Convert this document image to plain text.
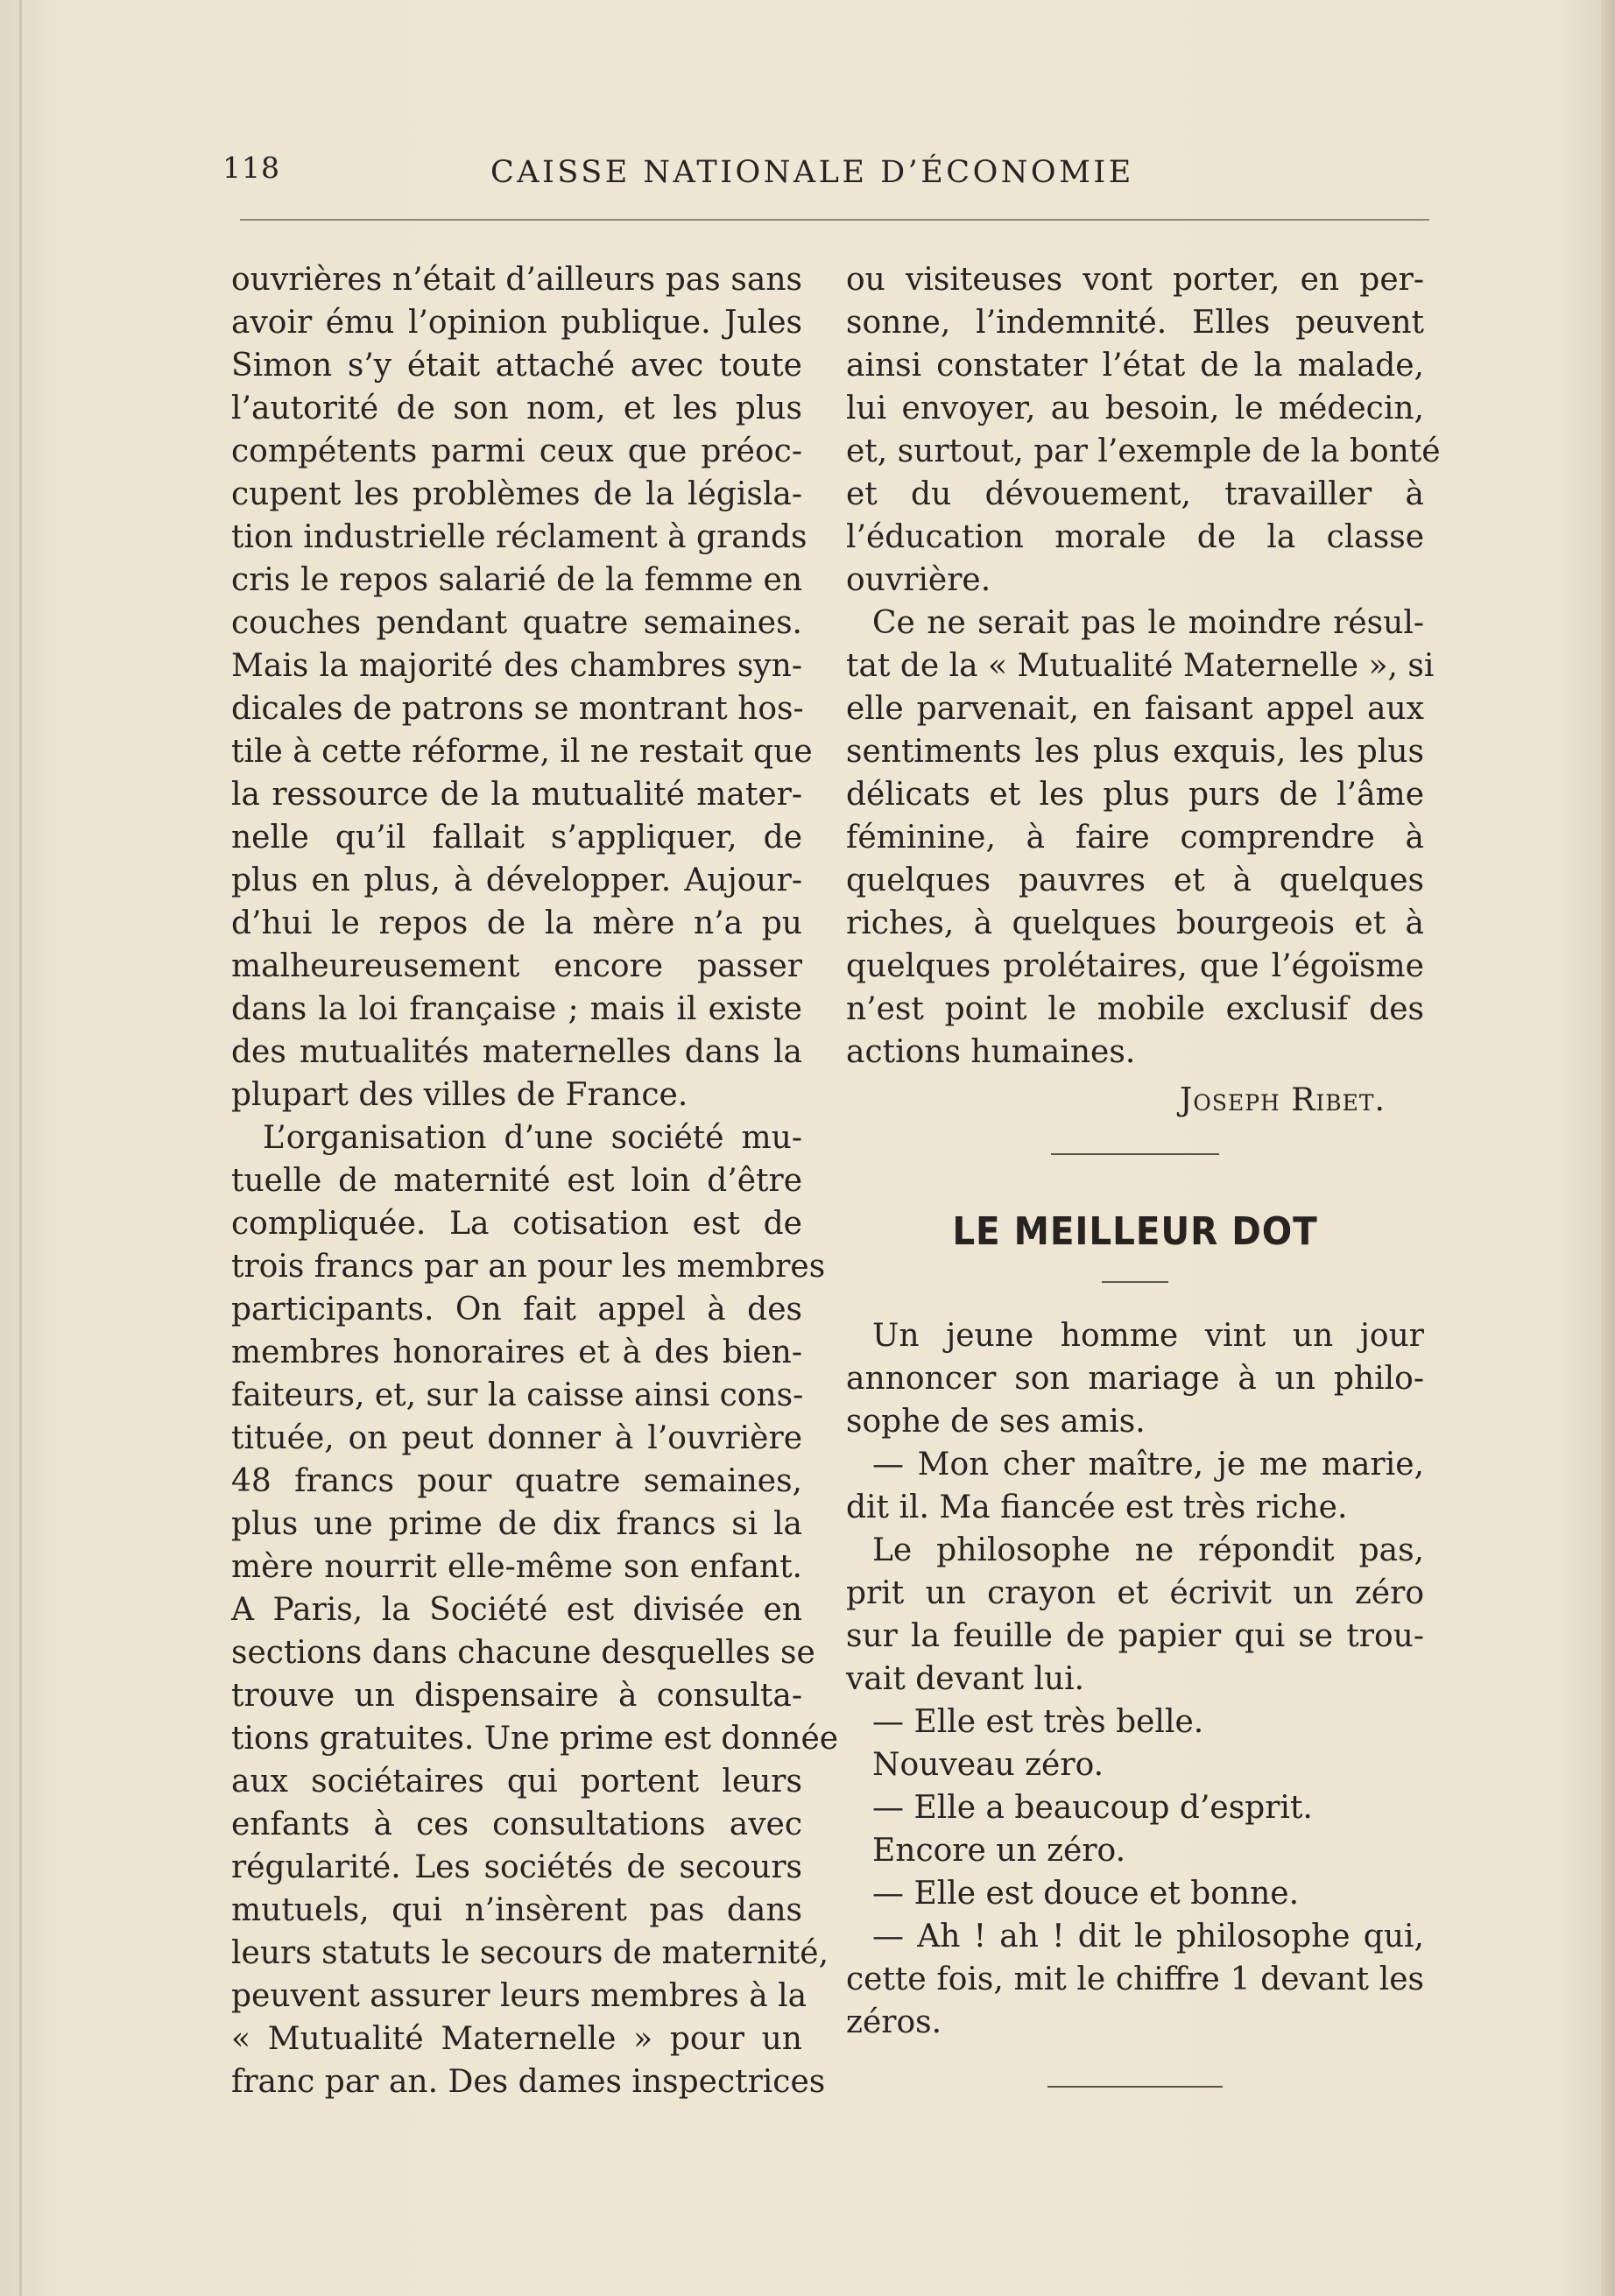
118	CAISSE NATIONALE D’ÉCONOMIE
ouvrières n’était d’ailleurs pas sans
avoir ému l’opinion publique. Jules
Simon s’y était attaché avec toute
l’autorité de son nom, et les plus
compétents parmi ceux que préoc-
cupent les problèmes de la législa-
tion industrielle réclament à grands
cris le repos salarié de la femme en
couches pendant quatre semaines.
Mais la majorité des chambres syn-
dicales de patrons se montrant hos-
tile à cette réforme, il ne restait que
la ressource de la mutualité mater-
nelle qu’il fallait s’appliquer, de
plus en plus, à développer. Aujour-
d’hui le repos de la mère n’a pu
malheureusement encore passer
dans la loi française ; mais il existe
des mutualités maternelles dans la
plupart des villes de France.
L’organisation d’une société mu-
tuelle de maternité est loin d’être
compliquée. La cotisation est de
trois francs par an pour les membres
participants. On fait appel à des
membres honoraires et à des bien-
faiteurs, et, sur la caisse ainsi cons-
tituée, on peut donner à l’ouvrière
48 francs pour quatre semaines,
plus une prime de dix francs si la
mère nourrit elle-même son enfant.
A Paris, la Société est divisée en
sections dans chacune desquelles se
trouve un dispensaire à consulta-
tions gratuites. Une prime est donnée
aux sociétaires qui portent leurs
enfants à ces consultations avec
régularité. Les sociétés de secours
mutuels, qui n’insèrent pas dans
leurs statuts le secours de maternité,
peuvent assurer leurs membres à la
« Mutualité Maternelle » pour un
franc par an. Des dames inspectrices
ou visiteuses vont porter, en per-
sonne, l’indemnité. Elles peuvent
ainsi constater l’état de la malade,
lui envoyer, au besoin, le médecin,
et, surtout, par l’exemple de la bonté
et du dévouement, travailler à
l’éducation morale de la classe
ouvrière.
Ce ne serait pas le moindre résul-
tat de la « Mutualité Maternelle », si
elle parvenait, en faisant appel aux
sentiments les plus exquis, les plus
délicats et les plus purs de l’âme
féminine, à faire comprendre à
quelques pauvres et à quelques
riches, à quelques bourgeois et à
quelques prolétaires, que l’égoïsme
n’est point le mobile exclusif des
actions humaines.
Joseph Ribet.
LE MEILLEUR DOT
Un jeune homme vint un jour
annoncer son mariage à un philo-
sophe de ses amis.
— Mon cher maître, je me marie,
dit il. Ma fiancée est très riche.
Le philosophe ne répondit pas,
prit un crayon et écrivit un zéro
sur la feuille de papier qui se trou-
vait devant lui.
— Elle est très belle.
Nouveau zéro.
— Elle a beaucoup d’esprit.
Encore un zéro.
— Elle est douce et bonne.
— Ah ! ah ! dit le philosophe qui,
cette fois, mit le chiffre 1 devant les
zéros.
